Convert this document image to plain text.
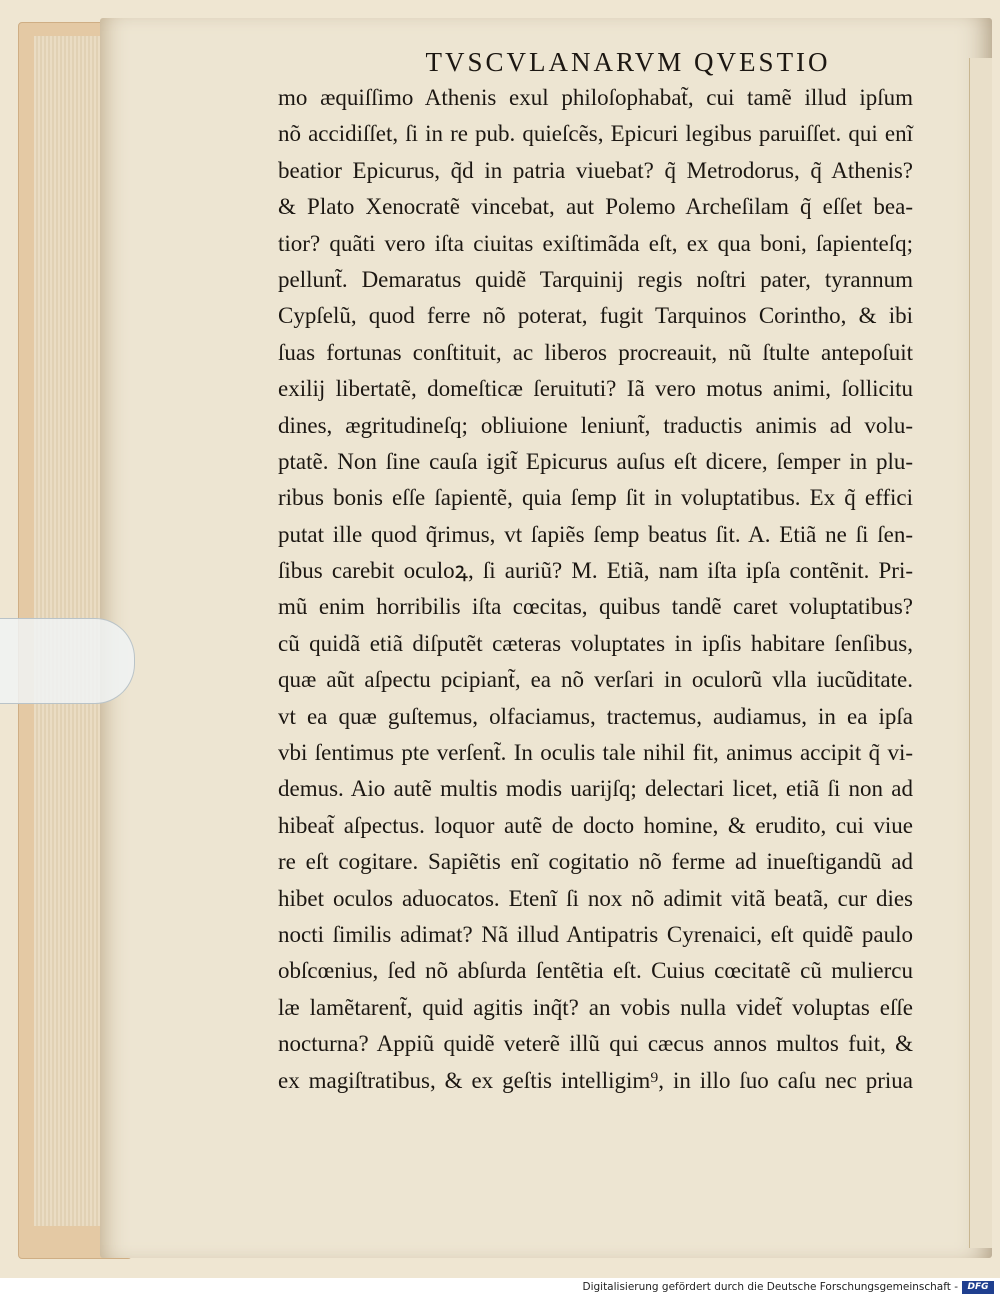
TVSCVLANARVM QVESTIO
mo æquiſſimo Athenis exul philoſophabat̃, cui tamẽ illud ipſum
nõ accidiſſet, ſi in re pub. quieſcẽs, Epicuri legibus paruiſſet. qui enĩ
beatior Epicurus, q̃d in patria viuebat? q̃ Metrodorus, q̃ Athenis?
& Plato Xenocratẽ vincebat, aut Polemo Archeſilam q̃ eſſet bea-
tior? quãti vero iſta ciuitas exiſtimãda eſt, ex qua boni, ſapienteſq;
pellunt̃. Demaratus quidẽ Tarquinij regis noſtri pater, tyrannum
Cypſelũ, quod ferre nõ poterat, fugit Tarquinos Corintho, & ibi
ſuas fortunas conſtituit, ac liberos procreauit, nũ ſtulte antepoſuit
exilij libertatẽ, domeſticæ ſeruituti? Iã vero motus animi, ſollicitu
dines, ægritudineſq; obliuione leniunt̃, traductis animis ad volu-
ptatẽ. Non ſine cauſa igit̃ Epicurus auſus eſt dicere, ſemper in plu-
ribus bonis eſſe ſapientẽ, quia ſemp ſit in voluptatibus. Ex q̃ effici
putat ille quod q̃rimus, vt ſapiẽs ſemp beatus ſit. A. Etiã ne ſi ſen-
ſibus carebit oculoꝝ, ſi auriũ? M. Etiã, nam iſta ipſa contẽnit. Pri-
mũ enim horribilis iſta cœcitas, quibus tandẽ caret voluptatibus?
cũ quidã etiã diſputẽt cæteras voluptates in ipſis habitare ſenſibus,
quæ aũt aſpectu pcipiant̃, ea nõ verſari in oculorũ vlla iucũditate.
vt ea quæ guſtemus, olfaciamus, tractemus, audiamus, in ea ipſa
vbi ſentimus pte verſent̃. In oculis tale nihil fit, animus accipit q̃ vi-
demus. Aio autẽ multis modis uarijſq; delectari licet, etiã ſi non ad
hibeat̃ aſpectus. loquor autẽ de docto homine, & erudito, cui viue
re eſt cogitare. Sapiẽtis enĩ cogitatio nõ ferme ad inueſtigandũ ad
hibet oculos aduocatos. Etenĩ ſi nox nõ adimit vitã beatã, cur dies
nocti ſimilis adimat? Nã illud Antipatris Cyrenaici, eſt quidẽ paulo
obſcœnius, ſed nõ abſurda ſentẽtia eſt. Cuius cœcitatẽ cũ muliercu
læ lamẽtarent̃, quid agitis inq̃t? an vobis nulla videt̃ voluptas eſſe
nocturna? Appiũ quidẽ veterẽ illũ qui cæcus annos multos fuit, &
ex magiſtratibus, & ex geſtis intelligim⁹, in illo ſuo caſu nec priua
Digitalisierung gefördert durch die Deutsche Forschungsgemeinschaft -	DFG
